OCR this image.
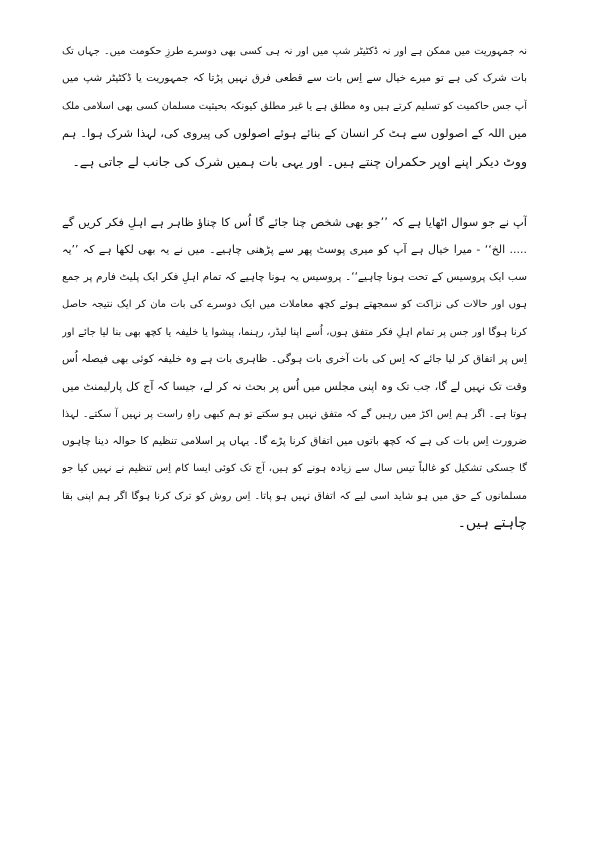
نہ جمہوریت میں ممکن ہے اور نہ ڈکٹیٹر شپ میں اور نہ ہی کسی بھی دوسرے طرزِ حکومت میں۔ جہاں تک
بات شرک کی ہے تو میرے خیال سے اِس بات سے قطعی فرق نہیں پڑتا کہ جمہوریت یا ڈکٹیٹر شپ میں
آپ جس حاکمیت کو تسلیم کرتے ہیں وہ مطلق ہے یا غیر مطلق کیونکہ بحیثیت مسلمان کسی بھی اسلامی ملک
میں اللہ کے اصولوں سے ہٹ کر انسان کے بنائے ہوئے اصولوں کی پیروی کی، لہذا شرک ہوا۔ ہم
ووٹ دیکر اپنے اوپر حکمران چنتے ہیں۔ اور یہی بات ہمیں شرک کی جانب لے جاتی ہے۔
آپ نے جو سوال اٹھایا ہے کہ ’’جو بھی شخص چنا جائے گا اُس کا چناؤ ظاہر ہے اہلِ فکر کریں گے
..... الخ‘‘ - میرا خیال ہے آپ کو میری پوسٹ پھر سے پڑھنی چاہیے۔ میں نے یہ بھی لکھا ہے کہ ’’یہ
سب ایک پروسیس کے تحت ہونا چاہیے‘‘۔ پروسیس یہ ہونا چاہیے کہ تمام اہلِ فکر ایک پلیٹ فارم پر جمع
ہوں اور حالات کی نزاکت کو سمجھتے ہوئے کچھ معاملات میں ایک دوسرے کی بات مان کر ایک نتیجہ حاصل
کرنا ہوگا اور جس پر تمام اہلِ فکر متفق ہوں، اُسے اپنا لیڈر، رہنما، پیشوا یا خلیفہ یا کچھ بھی بنا لیا جائے اور
اِس پر اتفاق کر لیا جائے کہ اِس کی بات آخری بات ہوگی۔ ظاہری بات ہے وہ خلیفہ کوئی بھی فیصلہ اُس
وقت تک نہیں لے گا، جب تک وہ اپنی مجلس میں اُس پر بحث نہ کر لے، جیسا کہ آج کل پارلیمنٹ میں
ہوتا ہے۔ اگر ہم اِس اکڑ میں رہیں گے کہ متفق نہیں ہو سکتے تو ہم کبھی راہِ راست پر نہیں آ سکتے۔ لہذا
ضرورت اِس بات کی ہے کہ کچھ باتوں میں اتفاق کرنا پڑے گا۔ یہاں پر اسلامی تنظیم کا حوالہ دینا چاہوں
گا جسکی تشکیل کو غالباً تیس سال سے زیادہ ہونے کو ہیں، آج تک کوئی ایسا کام اِس تنظیم نے نہیں کیا جو
مسلمانوں کے حق میں ہو شاید اسی لیے کہ اتفاق نہیں ہو پاتا۔ اِس روش کو ترک کرنا ہوگا اگر ہم اپنی بقا
چاہتے ہیں۔
